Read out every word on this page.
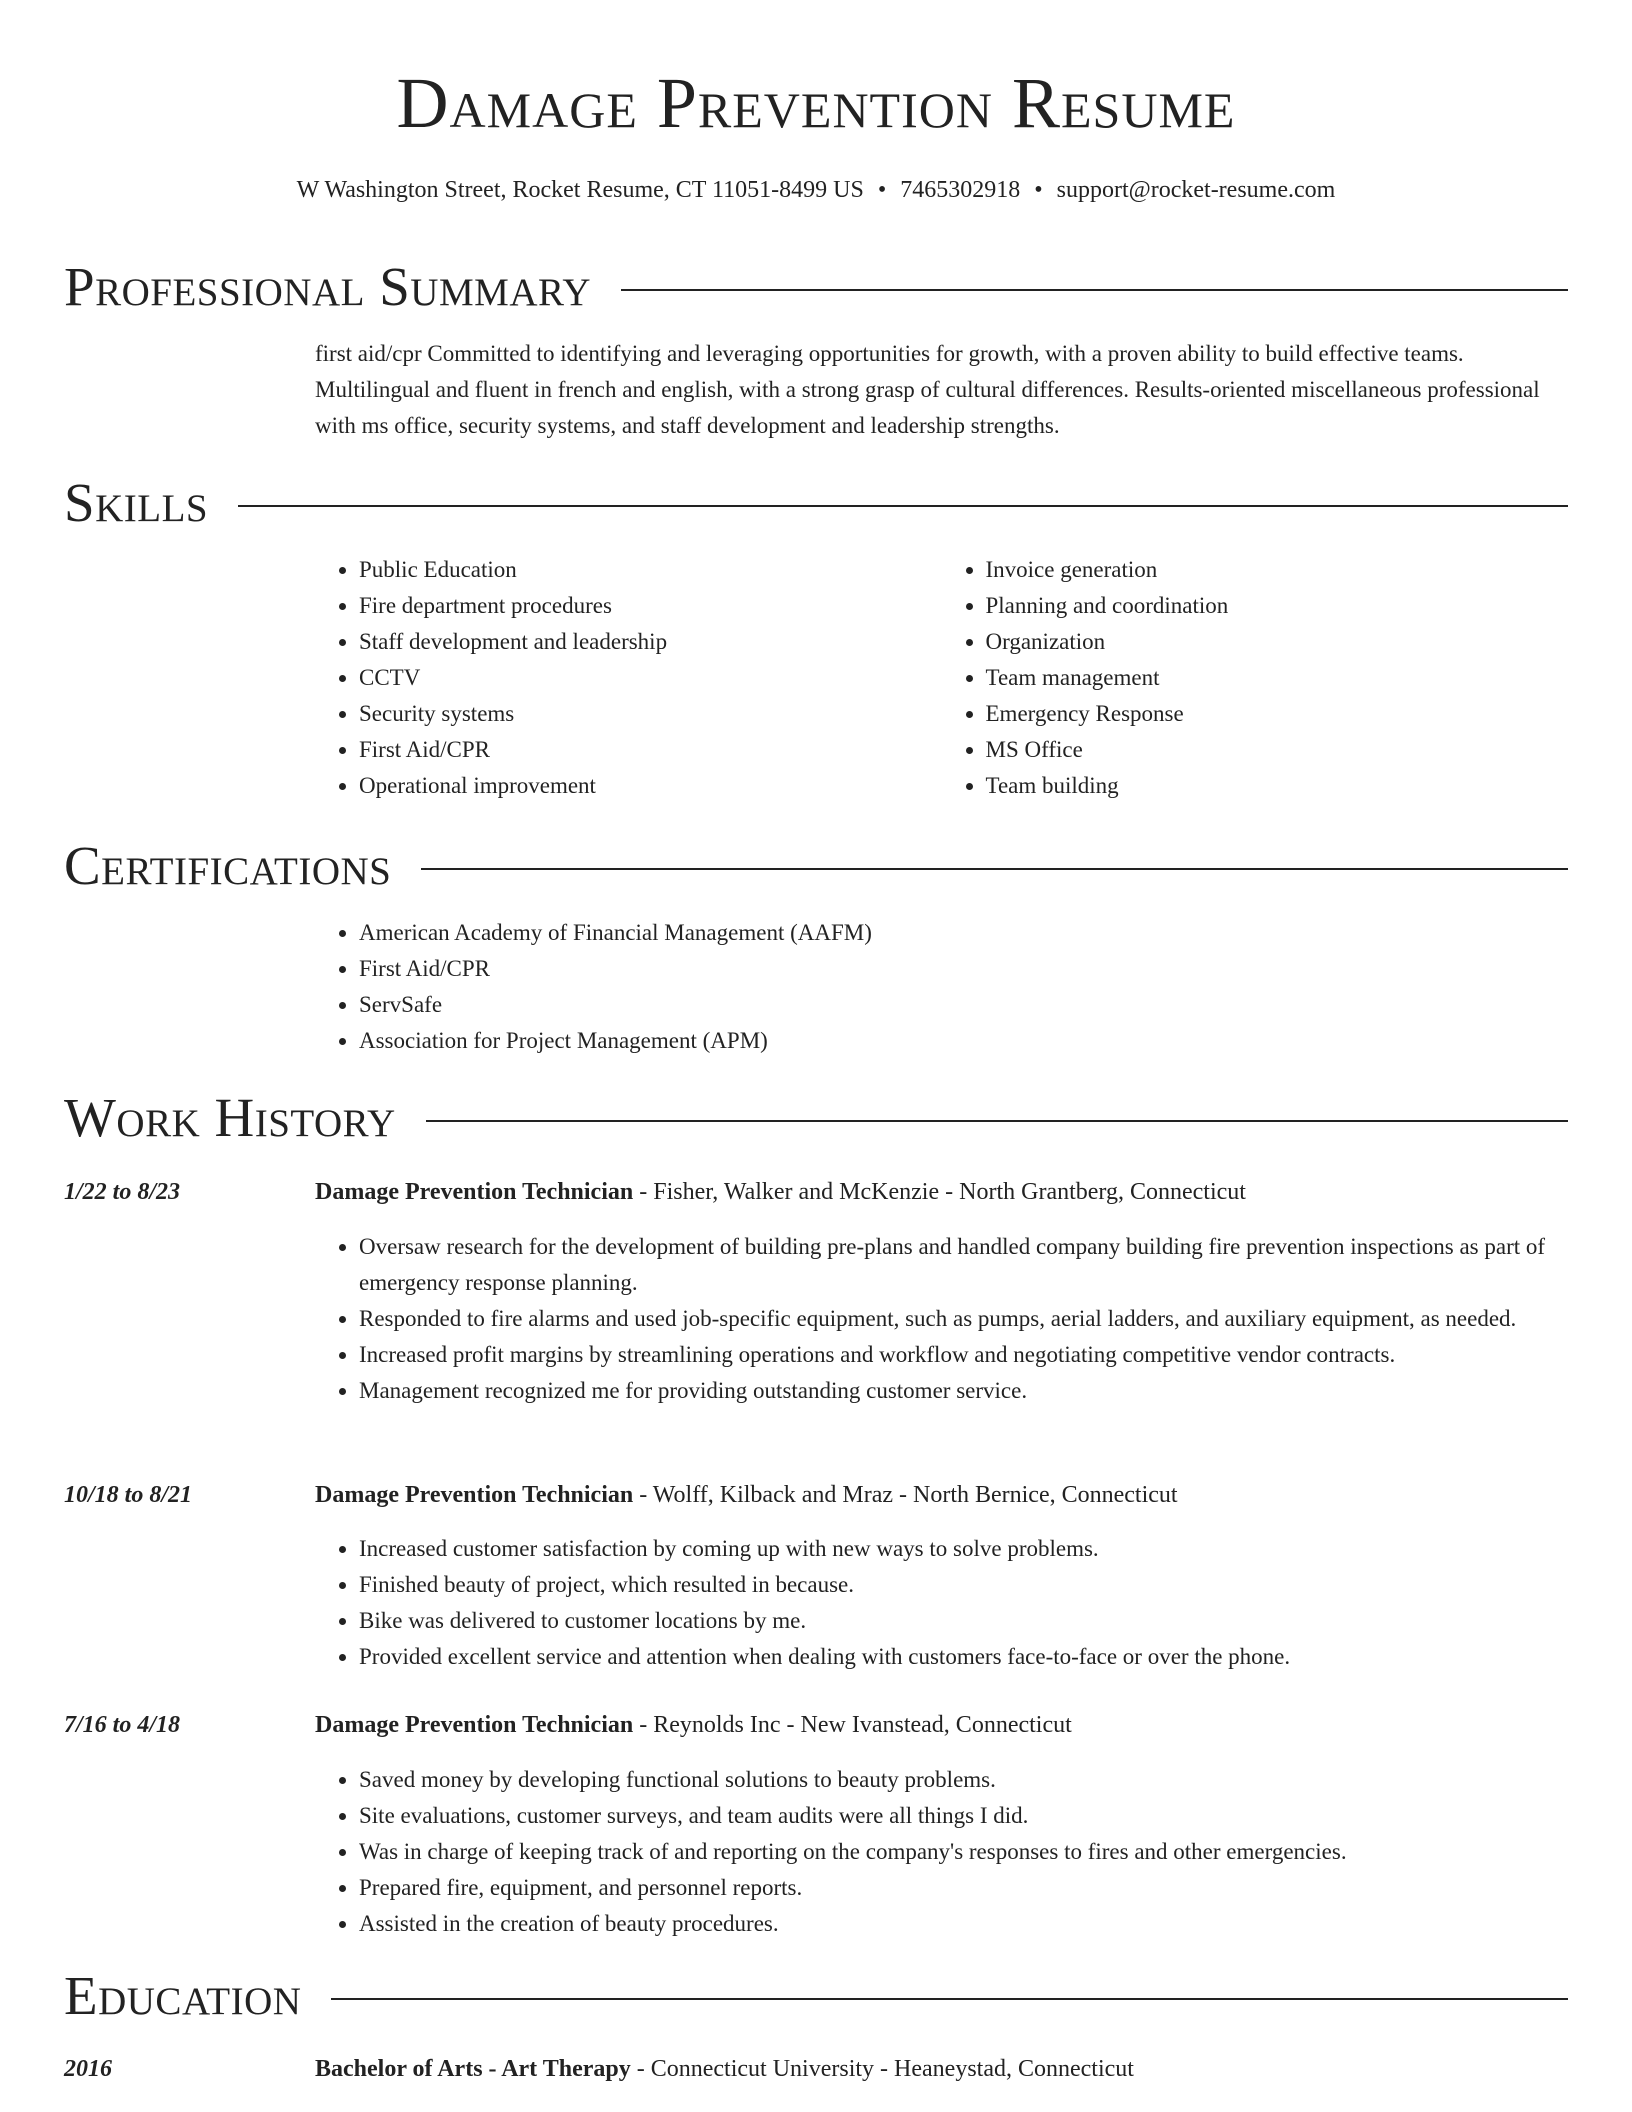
Damage Prevention Resume
W Washington Street, Rocket Resume, CT 11051-8499 US • 7465302918 • support@rocket-resume.com
Professional Summary

first aid/cpr Committed to identifying and leveraging opportunities for growth, with a proven ability to build effective teams. Multilingual and fluent in french and english, with a strong grasp of cultural differences. Results-oriented miscellaneous professional with ms office, security systems, and staff development and leadership strengths.

Skills
• Public Education
• Fire department procedures
• Staff development and leadership
• CCTV
• Security systems
• First Aid/CPR
• Operational improvement
• Invoice generation
• Planning and coordination
• Organization
• Team management
• Emergency Response
• MS Office
• Team building
Certifications
• American Academy of Financial Management (AAFM)
• First Aid/CPR
• ServSafe
• Association for Project Management (APM)
Work History
1/22 to 8/23	Damage Prevention Technician - Fisher, Walker and McKenzie - North Grantberg, Connecticut
• Oversaw research for the development of building pre-plans and handled company building fire prevention inspections as part of emergency response planning.
• Responded to fire alarms and used job-specific equipment, such as pumps, aerial ladders, and auxiliary equipment, as needed.
• Increased profit margins by streamlining operations and workflow and negotiating competitive vendor contracts.
• Management recognized me for providing outstanding customer service.
10/18 to 8/21	Damage Prevention Technician - Wolff, Kilback and Mraz - North Bernice, Connecticut
• Increased customer satisfaction by coming up with new ways to solve problems.
• Finished beauty of project, which resulted in because.
• Bike was delivered to customer locations by me.
• Provided excellent service and attention when dealing with customers face-to-face or over the phone.
7/16 to 4/18	Damage Prevention Technician - Reynolds Inc - New Ivanstead, Connecticut
• Saved money by developing functional solutions to beauty problems.
• Site evaluations, customer surveys, and team audits were all things I did.
• Was in charge of keeping track of and reporting on the company's responses to fires and other emergencies.
• Prepared fire, equipment, and personnel reports.
• Assisted in the creation of beauty procedures.
Education
2016	Bachelor of Arts - Art Therapy - Connecticut University - Heaneystad, Connecticut
